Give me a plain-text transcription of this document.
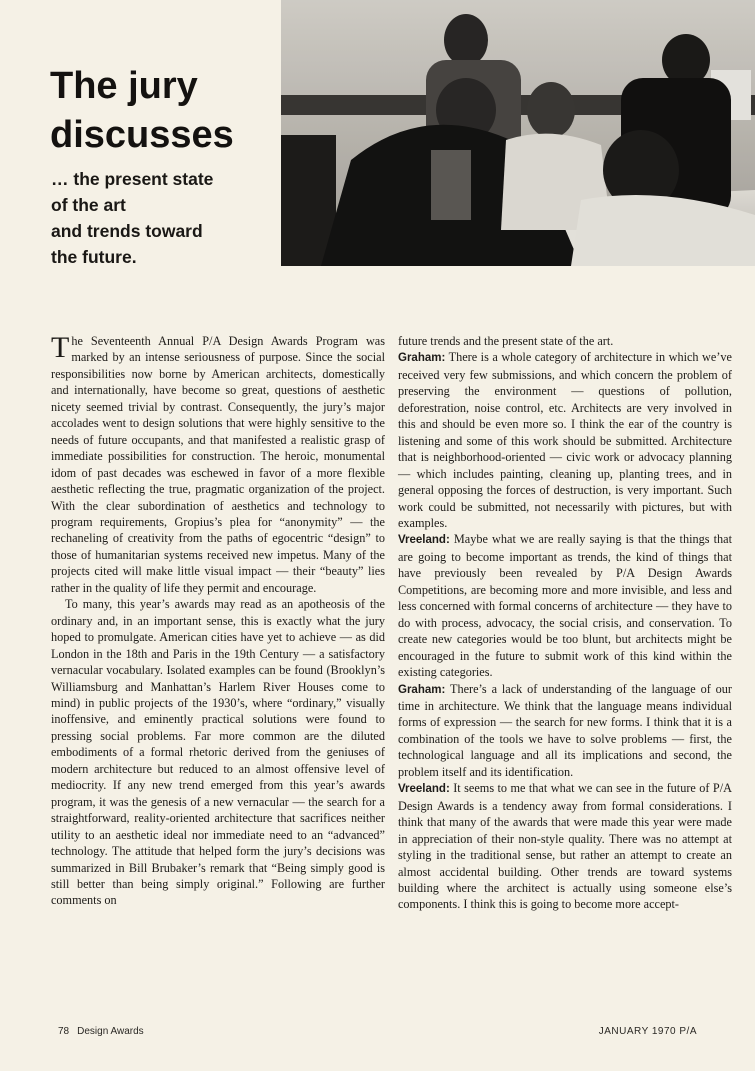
The jury
discusses
… the present state
of the art
and trends toward
the future.

The Seventeenth Annual P/A Design Awards Program was marked by an intense seriousness of purpose. Since the social responsibilities now borne by American architects, domestically and internationally, have become so great, questions of aesthetic nicety seemed trivial by contrast. Consequently, the jury’s major accolades went to design solutions that were highly sensitive to the needs of future occupants, and that manifested a realistic grasp of immediate possibilities for construction. The heroic, monumental idom of past decades was eschewed in favor of a more flexible aesthetic reflecting the true, pragmatic organization of the project. With the clear subordination of aesthetics and technology to program requirements, Gropius’s plea for “anonymity” — the rechaneling of creativity from the paths of egocentric “design” to those of humanitarian systems received new impetus. Many of the projects cited will make little visual impact — their “beauty” lies rather in the quality of life they permit and encourage.

To many, this year’s awards may read as an apotheosis of the ordinary and, in an important sense, this is exactly what the jury hoped to promulgate. American cities have yet to achieve — as did London in the 18th and Paris in the 19th Century — a satisfactory vernacular vocabulary. Isolated examples can be found (Brooklyn’s Williamsburg and Manhattan’s Harlem River Houses come to mind) in public projects of the 1930’s, where “ordinary,” visually inoffensive, and eminently practical solutions were found to pressing social problems. Far more common are the diluted embodiments of a formal rhetoric derived from the geniuses of modern architecture but reduced to an almost offensive level of mediocrity. If any new trend emerged from this year’s awards program, it was the genesis of a new vernacular — the search for a straightforward, reality-oriented architecture that sacrifices neither utility to an aesthetic ideal nor immediate need to an “advanced” technology. The attitude that helped form the jury’s decisions was summarized in Bill Brubaker’s remark that “Being simply good is still better than being simply original.” Following are further comments on

future trends and the present state of the art.

Graham: There is a whole category of architecture in which we’ve received very few submissions, and which concern the problem of preserving the environment — questions of pollution, deforestration, noise control, etc. Architects are very involved in this and should be even more so. I think the ear of the country is listening and some of this work should be submitted. Architecture that is neighborhood-oriented — civic work or advocacy planning — which includes painting, cleaning up, planting trees, and in general opposing the forces of destruction, is very important. Such work could be submitted, not necessarily with pictures, but with examples.

Vreeland: Maybe what we are really saying is that the things that are going to become important as trends, the kind of things that have previously been revealed by P/A Design Awards Competitions, are becoming more and more invisible, and less and less concerned with formal concerns of architecture — they have to do with process, advocacy, the social crisis, and conservation. To create new categories would be too blunt, but architects might be encouraged in the future to submit work of this kind within the existing categories.

Graham: There’s a lack of understanding of the language of our time in architecture. We think that the language means individual forms of expression — the search for new forms. I think that it is a combination of the tools we have to solve problems — first, the technological language and all its implications and second, the problem itself and its identification.

Vreeland: It seems to me that what we can see in the future of P/A Design Awards is a tendency away from formal considerations. I think that many of the awards that were made this year were made in appreciation of their non-style quality. There was no attempt at styling in the traditional sense, but rather an attempt to create an almost accidental building. Other trends are toward systems building where the architect is actually using someone else’s components. I think this is going to become more accept-

78 Design Awards	JANUARY 1970 P/A
